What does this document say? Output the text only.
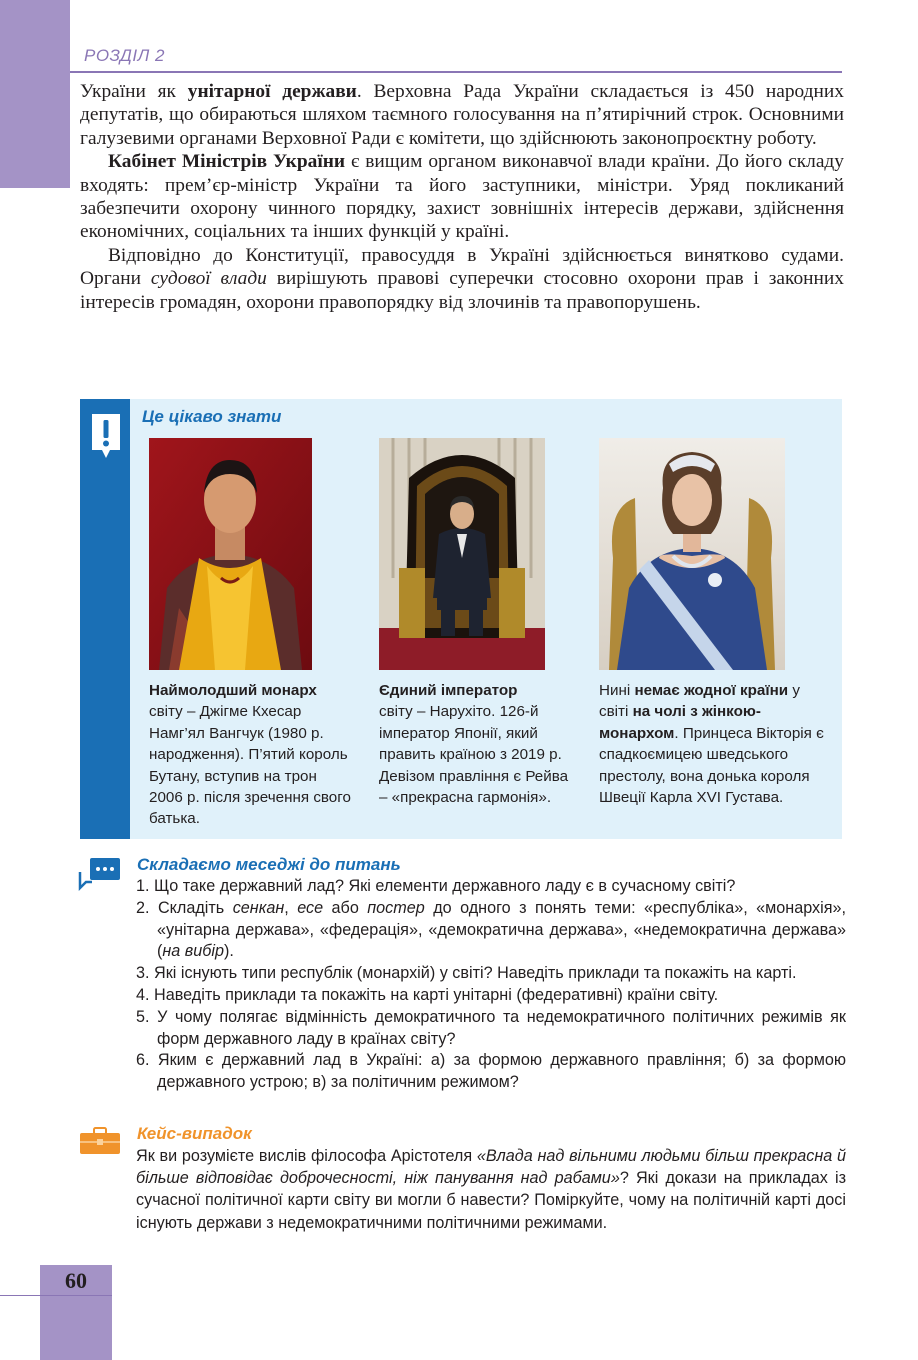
РОЗДІЛ 2

України як унітарної держави. Верховна Рада України складається із 450 народних депутатів, що обираються шляхом таємного голосування на п’ятирічний строк. Основними галузевими органами Верховної Ради є комітети, що здійснюють законопроєктну роботу.

Кабінет Міністрів України є вищим органом виконавчої влади країни. До його складу входять: прем’єр-міністр України та його заступники, міністри. Уряд покликаний забезпечити охорону чинного порядку, захист зовнішніх інтересів держави, здійснення економічних, соціальних та інших функцій у країні.

Відповідно до Конституції, правосуддя в Україні здійснюється винятково судами. Органи судової влади вирішують правові суперечки стосовно охорони прав і законних інтересів громадян, охорони правопорядку від злочинів та правопорушень.

Це цікаво знати
Наймолодший монарх
світу – Джігме Кхесар Намг’ял Вангчук (1980 р. народження). П’ятий король Бутану, вступив на трон 2006 р. після зречення свого батька.
Єдиний імператор
світу – Нарухіто. 126-й імператор Японії, який править країною з 2019 р. Девізом правління є Рейва – «прекрасна гармонія».
Нині немає жодної країни у світі на чолі з жінкою-монархом. Принцеса Вікторія є спадкоємицею шведського престолу, вона донька короля Швеції Карла XVI Густава.
Складаємо меседжі до питань
1. Що таке державний лад? Які елементи державного ладу є в сучасному світі?
2. Складіть сенкан, есе або постер до одного з понять теми: «республіка», «монархія», «унітарна держава», «федерація», «демократична держава», «недемократична держава» (на вибір).
3. Які існують типи республік (монархій) у світі? Наведіть приклади та покажіть на карті.
4. Наведіть приклади та покажіть на карті унітарні (федеративні) країни світу.
5. У чому полягає відмінність демократичного та недемократичного політичних режимів як форм державного ладу в країнах світу?
6. Яким є державний лад в Україні: а) за формою державного правління; б) за формою державного устрою; в) за політичним режимом?
Кейс-випадок
Як ви розумієте вислів філософа Арістотеля «Влада над вільними людьми більш прекрасна й більше відповідає доброчесності, ніж панування над рабами»? Які докази на прикладах із сучасної політичної карти світу ви могли б навести? Поміркуйте, чому на політичній карті досі існують держави з недемократичними політичними режимами.
60
